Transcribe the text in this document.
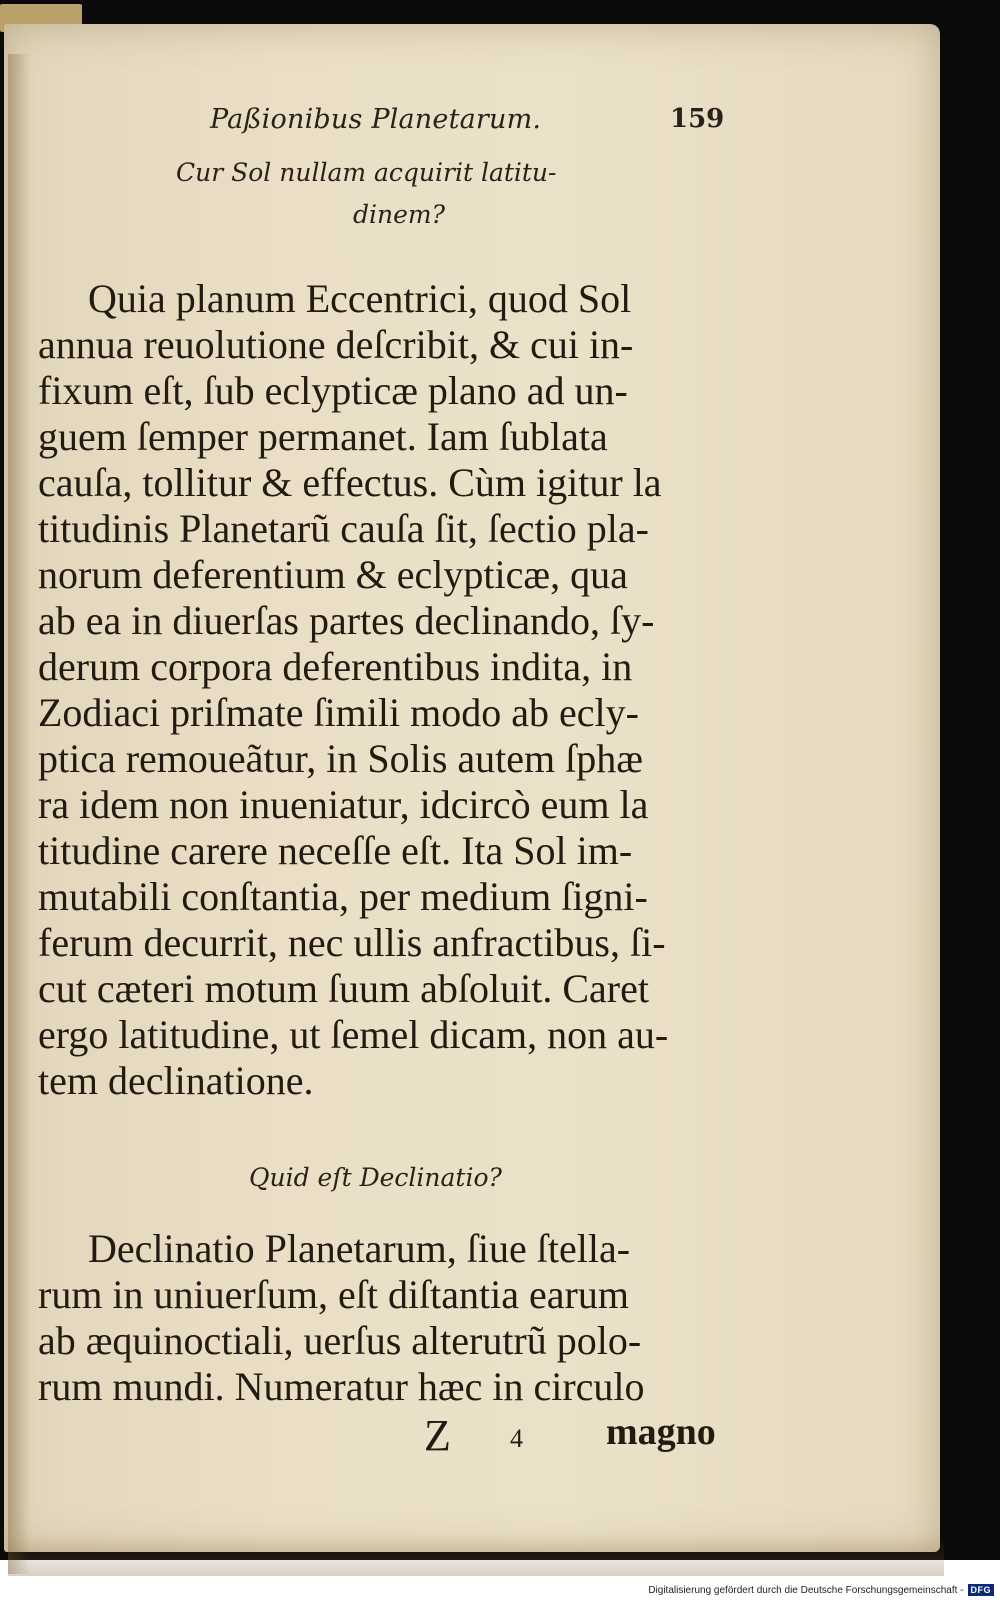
Paßionibus Planetarum.	159
Cur Sol nullam acquirit latitu-
dinem?
Quia planum Eccentrici, quod Sol
annua reuolutione deſcribit, & cui in-
fixum eſt, ſub eclypticæ plano ad un-
guem ſemper permanet. Iam ſublata
cauſa, tollitur & effectus. Cùm igitur la
titudinis Planetarũ cauſa ſit, ſectio pla-
norum deferentium & eclypticæ, qua
ab ea in diuerſas partes declinando, ſy-
derum corpora deferentibus indita, in
Zodiaci priſmate ſimili modo ab ecly-
ptica remoueãtur, in Solis autem ſphæ
ra idem non inueniatur, idcircò eum la
titudine carere neceſſe eſt. Ita Sol im-
mutabili conſtantia, per medium ſigni-
ferum decurrit, nec ullis anfractibus, ſi-
cut cæteri motum ſuum abſoluit. Caret
ergo latitudine, ut ſemel dicam, non au-
tem declinatione.
Quid eſt Declinatio?
Declinatio Planetarum, ſiue ſtella-
rum in uniuerſum, eſt diſtantia earum
ab æquinoctiali, uerſus alterutrũ polo-
rum mundi. Numeratur hæc in circulo
Z 4 magno
Digitalisierung gefördert durch die Deutsche Forschungsgemeinschaft - DFG
